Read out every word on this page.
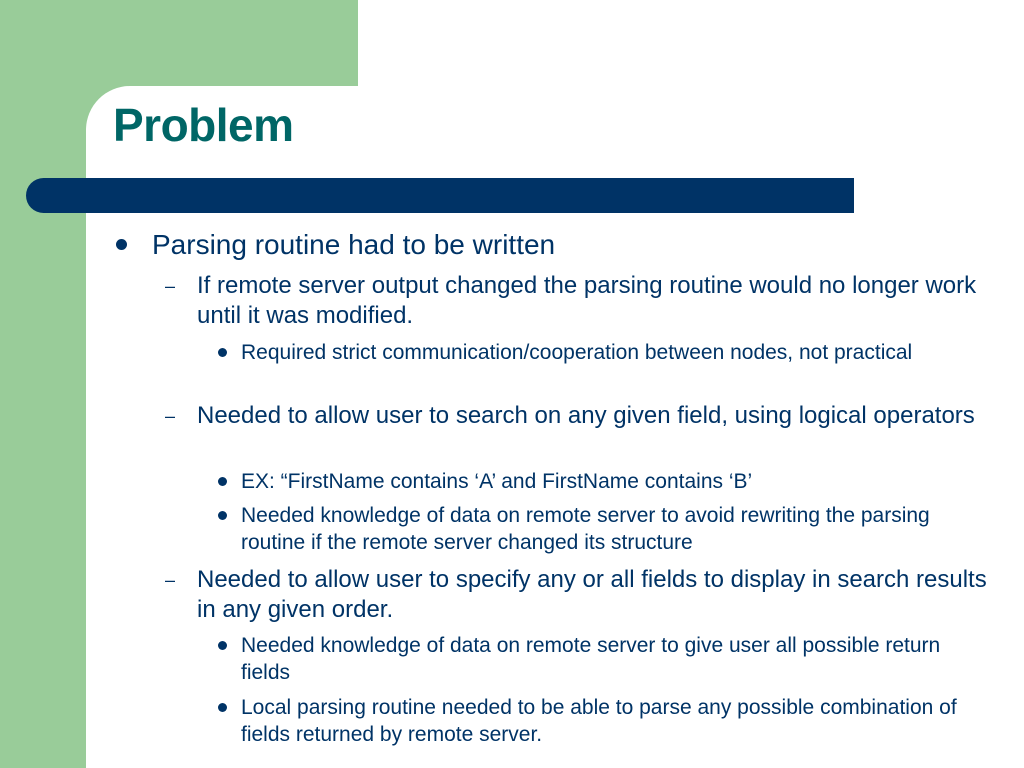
Problem
Parsing routine had to be written
– If remote server output changed the parsing routine would no longer work until it was modified.
Required strict communication/cooperation between nodes, not practical
– Needed to allow user to search on any given field, using logical operators
EX: “FirstName contains ‘A’ and FirstName contains ‘B’
Needed knowledge of data on remote server to avoid rewriting the parsing routine if the remote server changed its structure
– Needed to allow user to specify any or all fields to display in search results in any given order.
Needed knowledge of data on remote server to give user all possible return fields
Local parsing routine needed to be able to parse any possible combination of fields returned by remote server.
